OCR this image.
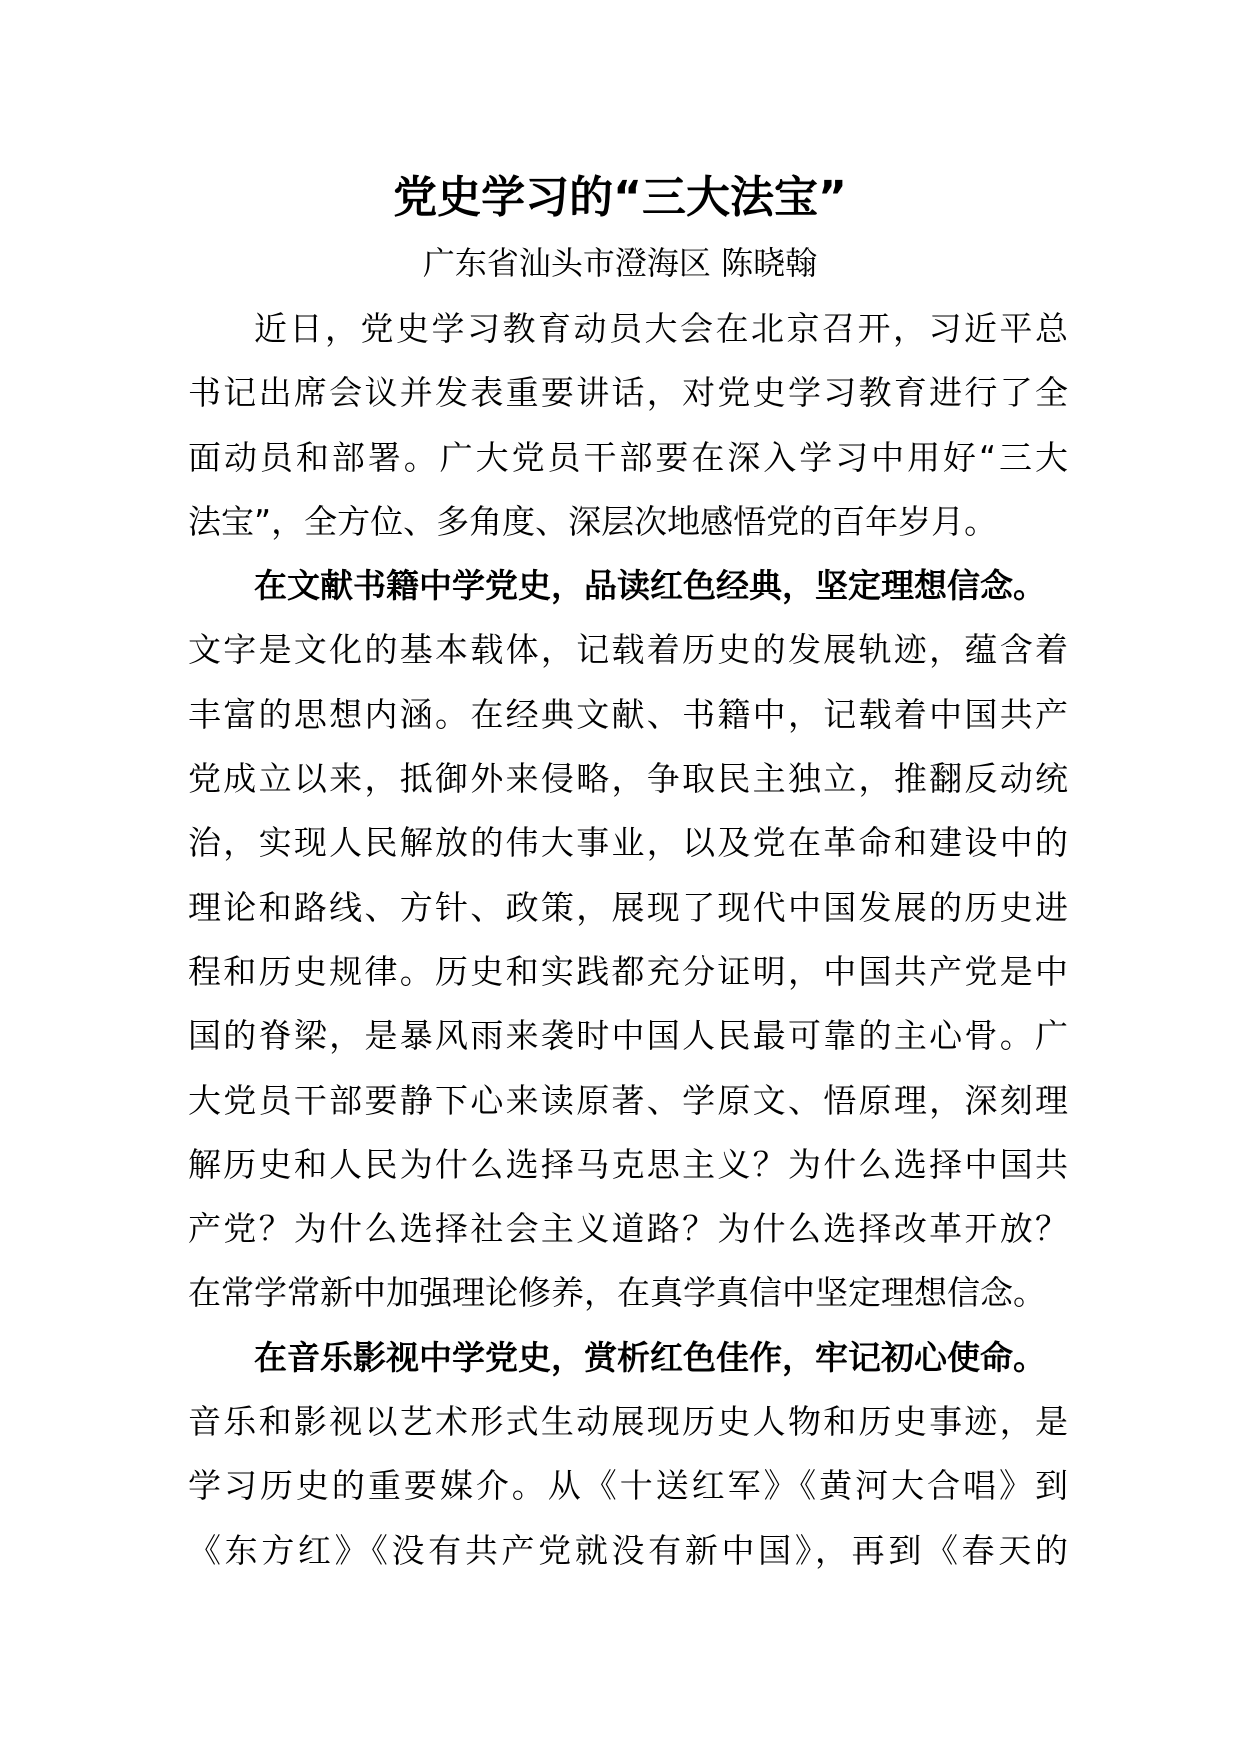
党史学习的“三大法宝”
广东省汕头市澄海区 陈晓翰
近日，党史学习教育动员大会在北京召开，习近平总
书记出席会议并发表重要讲话，对党史学习教育进行了全
面动员和部署。广大党员干部要在深入学习中用好“三大
法宝”，全方位、多角度、深层次地感悟党的百年岁月。
在文献书籍中学党史，品读红色经典，坚定理想信念。
文字是文化的基本载体，记载着历史的发展轨迹，蕴含着
丰富的思想内涵。在经典文献、书籍中，记载着中国共产
党成立以来，抵御外来侵略，争取民主独立，推翻反动统
治，实现人民解放的伟大事业，以及党在革命和建设中的
理论和路线、方针、政策，展现了现代中国发展的历史进
程和历史规律。历史和实践都充分证明，中国共产党是中
国的脊梁，是暴风雨来袭时中国人民最可靠的主心骨。广
大党员干部要静下心来读原著、学原文、悟原理，深刻理
解历史和人民为什么选择马克思主义？为什么选择中国共
产党？为什么选择社会主义道路？为什么选择改革开放？
在常学常新中加强理论修养，在真学真信中坚定理想信念。
在音乐影视中学党史，赏析红色佳作，牢记初心使命。
音乐和影视以艺术形式生动展现历史人物和历史事迹，是
学习历史的重要媒介。从《十送红军》《黄河大合唱》到
《东方红》《没有共产党就没有新中国》，再到《春天的
